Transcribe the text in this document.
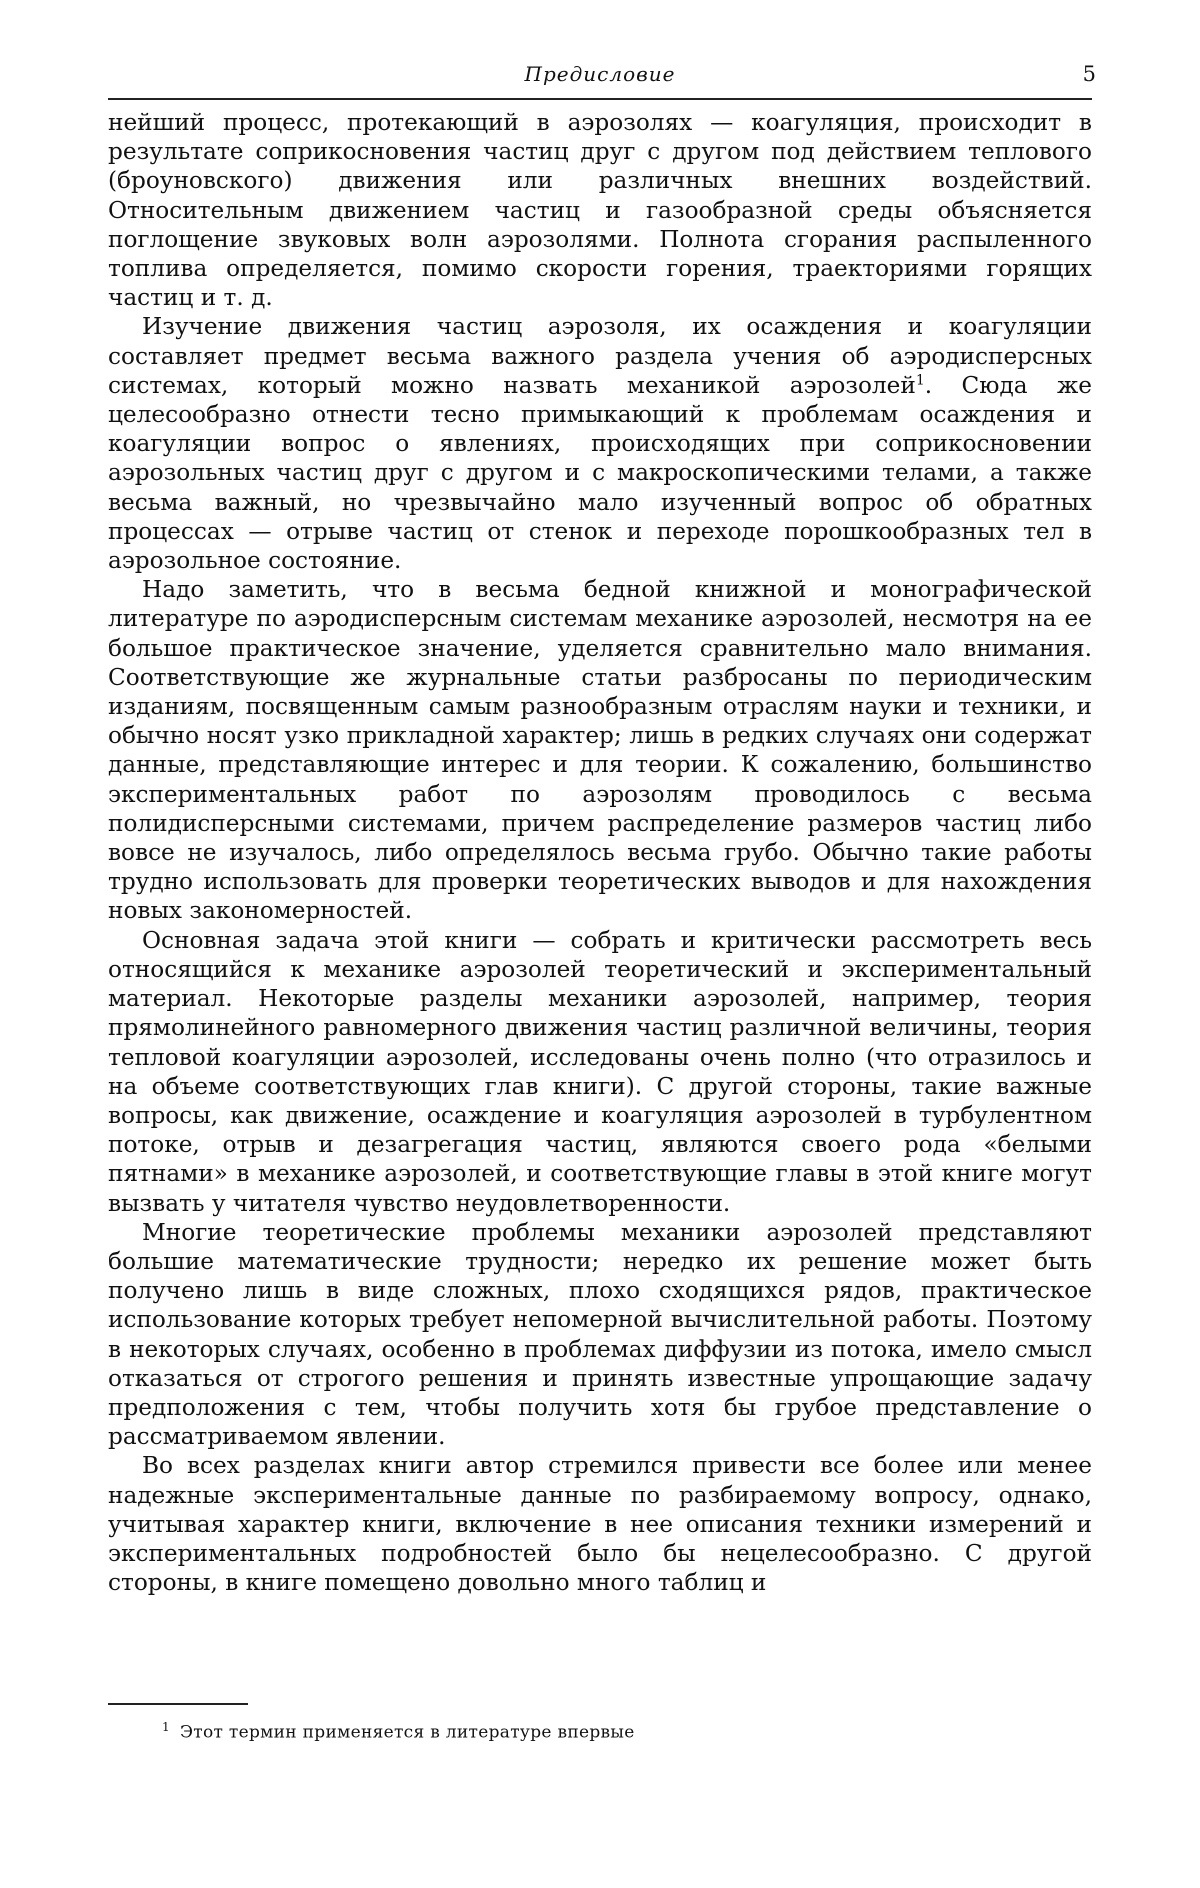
Предисловие	5

нейший процесс, протекающий в аэрозолях — коагуляция, происходит в результате соприкосновения частиц друг с другом под действием теплового (броуновского) движения или различных внешних воздействий. Относительным движением частиц и газообразной среды объясняется поглощение звуковых волн аэрозолями. Полнота сгорания распыленного топлива определяется, помимо скорости горения, траекториями горящих частиц и т. д.

Изучение движения частиц аэрозоля, их осаждения и коагуляции составляет предмет весьма важного раздела учения об аэродисперсных системах, который можно назвать механикой аэрозолей$^1$. Сюда же целесообразно отнести тесно примыкающий к проблемам осаждения и коагуляции вопрос о явлениях, происходящих при соприкосновении аэрозольных частиц друг с другом и с макроскопическими телами, а также весьма важный, но чрезвычайно мало изученный вопрос об обратных процессах — отрыве частиц от стенок и переходе порошкообразных тел в аэрозольное состояние.

Надо заметить, что в весьма бедной книжной и монографической литературе по аэродисперсным системам механике аэрозолей, несмотря на ее большое практическое значение, уделяется сравнительно мало внимания. Соответствующие же журнальные статьи разбросаны по периодическим изданиям, посвященным самым разнообразным отраслям науки и техники, и обычно носят узко прикладной характер; лишь в редких случаях они содержат данные, представляющие интерес и для теории. К сожалению, большинство экспериментальных работ по аэрозолям проводилось с весьма полидисперсными системами, причем распределение размеров частиц либо вовсе не изучалось, либо определялось весьма грубо. Обычно такие работы трудно использовать для проверки теоретических выводов и для нахождения новых закономерностей.

Основная задача этой книги — собрать и критически рассмотреть весь относящийся к механике аэрозолей теоретический и экспериментальный материал. Некоторые разделы механики аэрозолей, например, теория прямолинейного равномерного движения частиц различной величины, теория тепловой коагуляции аэрозолей, исследованы очень полно (что отразилось и на объеме соответствующих глав книги). С другой стороны, такие важные вопросы, как движение, осаждение и коагуляция аэрозолей в турбулентном потоке, отрыв и дезагрегация частиц, являются своего рода «белыми пятнами» в механике аэрозолей, и соответствующие главы в этой книге могут вызвать у читателя чувство неудовлетворенности.

Многие теоретические проблемы механики аэрозолей представляют большие математические трудности; нередко их решение может быть получено лишь в виде сложных, плохо сходящихся рядов, практическое использование которых требует непомерной вычислительной работы. Поэтому в некоторых случаях, особенно в проблемах диффузии из потока, имело смысл отказаться от строгого решения и принять известные упрощающие задачу предположения с тем, чтобы получить хотя бы грубое представление о рассматриваемом явлении.

Во всех разделах книги автор стремился привести все более или менее надежные экспериментальные данные по разбираемому вопросу, однако, учитывая характер книги, включение в нее описания техники измерений и экспериментальных подробностей было бы нецелесообразно. С другой стороны, в книге помещено довольно много таблиц и

$^1$ Этот термин применяется в литературе впервые
